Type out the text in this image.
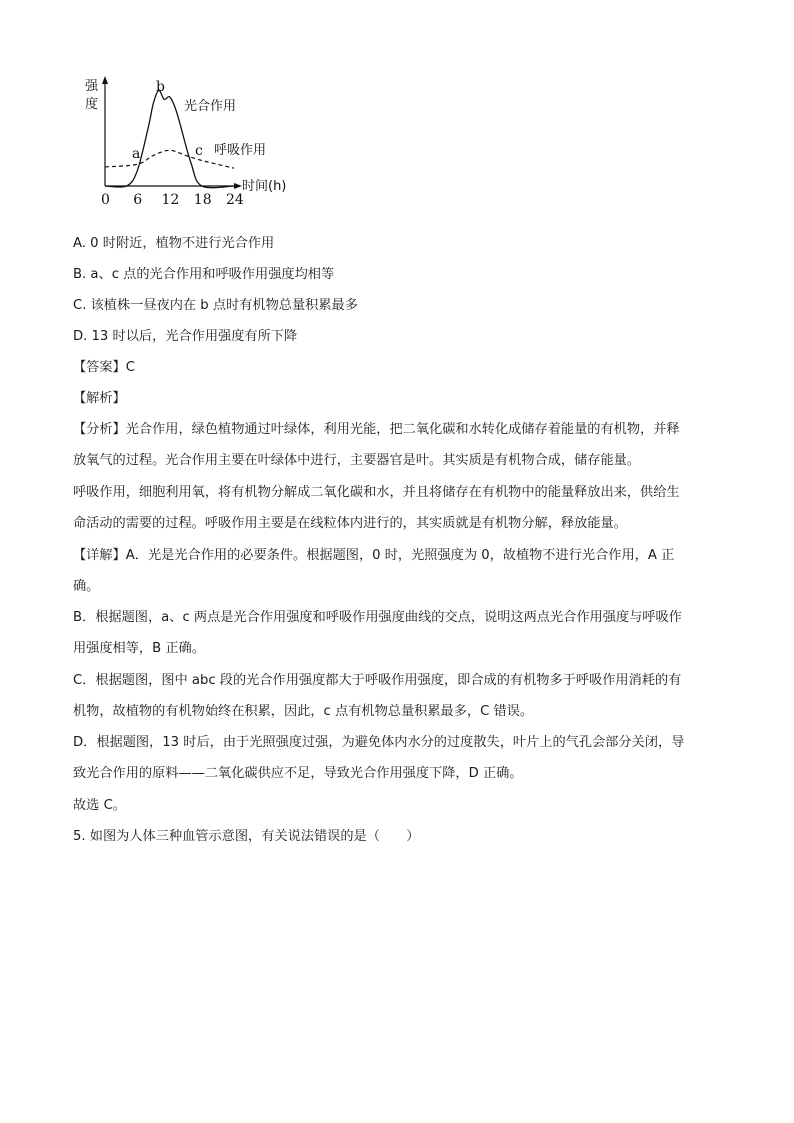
强
度
时间(h)
0 6 12 18 24
a
b
c
光合作用
呼吸作用
A. 0 时附近，植物不进行光合作用
B. a、c 点的光合作用和呼吸作用强度均相等
C. 该植株一昼夜内在 b 点时有机物总量积累最多
D. 13 时以后，光合作用强度有所下降
【答案】C
【解析】
【分析】光合作用，绿色植物通过叶绿体，利用光能，把二氧化碳和水转化成储存着能量的有机物，并释
放氧气的过程。光合作用主要在叶绿体中进行，主要器官是叶。其实质是有机物合成，储存能量。
呼吸作用，细胞利用氧，将有机物分解成二氧化碳和水，并且将储存在有机物中的能量释放出来，供给生
命活动的需要的过程。呼吸作用主要是在线粒体内进行的，其实质就是有机物分解，释放能量。
【详解】A．光是光合作用的必要条件。根据题图，0 时，光照强度为 0，故植物不进行光合作用，A 正
确。
B．根据题图，a、c 两点是光合作用强度和呼吸作用强度曲线的交点，说明这两点光合作用强度与呼吸作
用强度相等，B 正确。
C．根据题图，图中 abc 段的光合作用强度都大于呼吸作用强度，即合成的有机物多于呼吸作用消耗的有
机物，故植物的有机物始终在积累，因此，c 点有机物总量积累最多，C 错误。
D．根据题图，13 时后，由于光照强度过强，为避免体内水分的过度散失，叶片上的气孔会部分关闭，导
致光合作用的原料——二氧化碳供应不足，导致光合作用强度下降，D 正确。
故选 C。
5. 如图为人体三种血管示意图，有关说法错误的是（　　）
